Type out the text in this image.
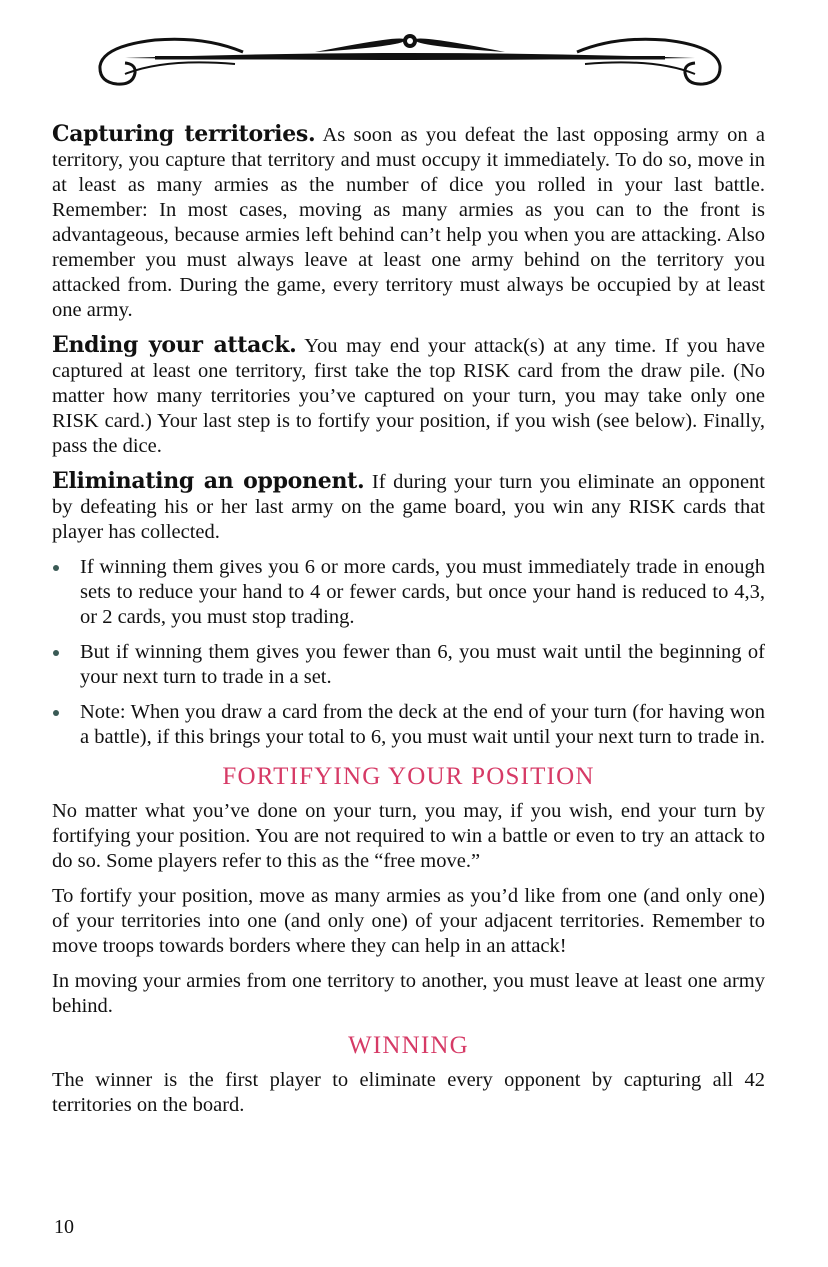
Capturing territories. As soon as you defeat the last opposing army on a territory, you capture that territory and must occupy it immediately. To do so, move in at least as many armies as the number of dice you rolled in your last battle. Remember: In most cases, moving as many armies as you can to the front is advantageous, because armies left behind can’t help you when you are attacking. Also remember you must always leave at least one army behind on the territory you attacked from. During the game, every territory must always be occupied by at least one army.

Ending your attack. You may end your attack(s) at any time. If you have captured at least one territory, first take the top RISK card from the draw pile. (No matter how many territories you’ve captured on your turn, you may take only one RISK card.) Your last step is to fortify your position, if you wish (see below). Finally, pass the dice.

Eliminating an opponent. If during your turn you eliminate an opponent by defeating his or her last army on the game board, you win any RISK cards that player has collected.

If winning them gives you 6 or more cards, you must immediately trade in enough sets to reduce your hand to 4 or fewer cards, but once your hand is reduced to 4,3, or 2 cards, you must stop trading.
But if winning them gives you fewer than 6, you must wait until the beginning of your next turn to trade in a set.
Note: When you draw a card from the deck at the end of your turn (for having won a battle), if this brings your total to 6, you must wait until your next turn to trade in.
FORTIFYING YOUR POSITION

No matter what you’ve done on your turn, you may, if you wish, end your turn by fortifying your position. You are not required to win a battle or even to try an attack to do so. Some players refer to this as the “free move.”

To fortify your position, move as many armies as you’d like from one (and only one) of your territories into one (and only one) of your adjacent territories. Remember to move troops towards borders where they can help in an attack!

In moving your armies from one territory to another, you must leave at least one army behind.

WINNING

The winner is the first player to eliminate every opponent by capturing all 42 territories on the board.

10
